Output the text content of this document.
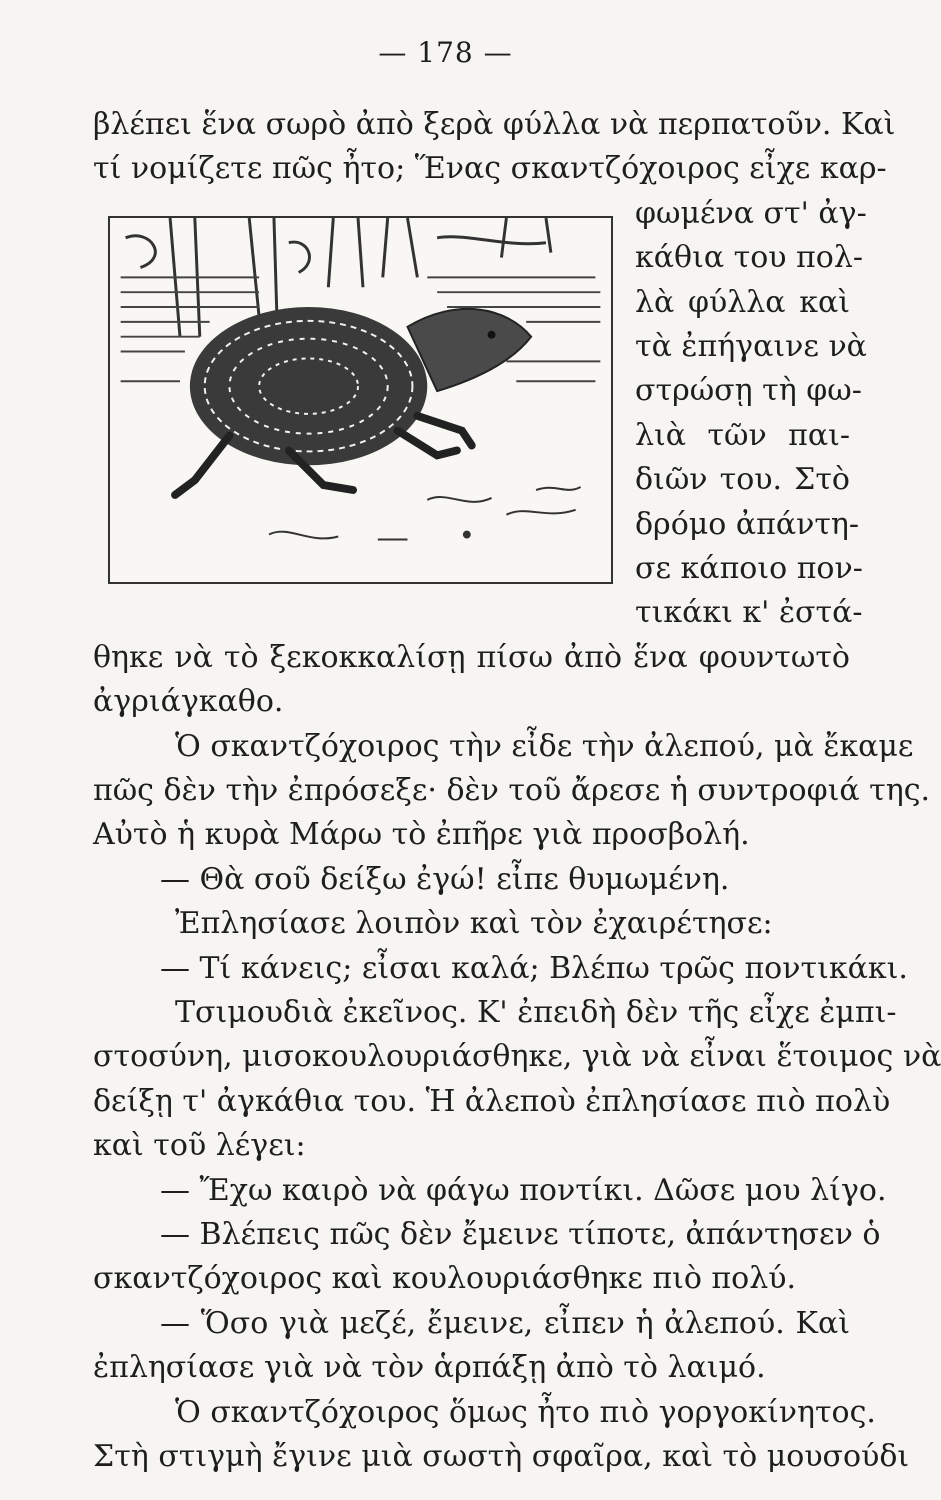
— 178 —
βλέπει ἕνα σωρὸ ἀπὸ ξερὰ φύλλα νὰ περπατοῦν. Καὶ
τί νομίζετε πῶς ἦτο; Ἕνας σκαντζόχοιρος εἶχε καρ-
φωμένα στ' ἀγ-
κάθια του πολ-
λὰ φύλλα καὶ
τὰ ἐπήγαινε νὰ
στρώσῃ τὴ φω-
λιὰ τῶν παι-
διῶν του. Στὸ
δρόμο ἀπάντη-
σε κάποιο πον-
τικάκι κ' ἐστά-
θηκε νὰ τὸ ξεκοκκαλίσῃ πίσω ἀπὸ ἕνα φουντωτὸ
ἀγριάγκαθο.
Ὁ σκαντζόχοιρος τὴν εἶδε τὴν ἀλεπού, μὰ ἔκαμε
πῶς δὲν τὴν ἐπρόσεξε· δὲν τοῦ ἄρεσε ἡ συντροφιά της.
Αὐτὸ ἡ κυρὰ Μάρω τὸ ἐπῆρε γιὰ προσβολή.
— Θὰ σοῦ δείξω ἐγώ! εἶπε θυμωμένη.
Ἐπλησίασε λοιπὸν καὶ τὸν ἐχαιρέτησε:
— Τί κάνεις; εἶσαι καλά; Βλέπω τρῶς ποντικάκι.
Τσιμουδιὰ ἐκεῖνος. Κ' ἐπειδὴ δὲν τῆς εἶχε ἐμπι-
στοσύνη, μισοκουλουριάσθηκε, γιὰ νὰ εἶναι ἕτοιμος νὰ
δείξῃ τ' ἀγκάθια του. Ἡ ἀλεποὺ ἐπλησίασε πιὸ πολὺ
καὶ τοῦ λέγει:
— Ἔχω καιρὸ νὰ φάγω ποντίκι. Δῶσε μου λίγο.
— Βλέπεις πῶς δὲν ἔμεινε τίποτε, ἀπάντησεν ὁ
σκαντζόχοιρος καὶ κουλουριάσθηκε πιὸ πολύ.
— Ὅσο γιὰ μεζέ, ἔμεινε, εἶπεν ἡ ἀλεπού. Καὶ
ἐπλησίασε γιὰ νὰ τὸν ἁρπάξῃ ἀπὸ τὸ λαιμό.
Ὁ σκαντζόχοιρος ὅμως ἦτο πιὸ γοργοκίνητος.
Στὴ στιγμὴ ἔγινε μιὰ σωστὴ σφαῖρα, καὶ τὸ μουσούδι
